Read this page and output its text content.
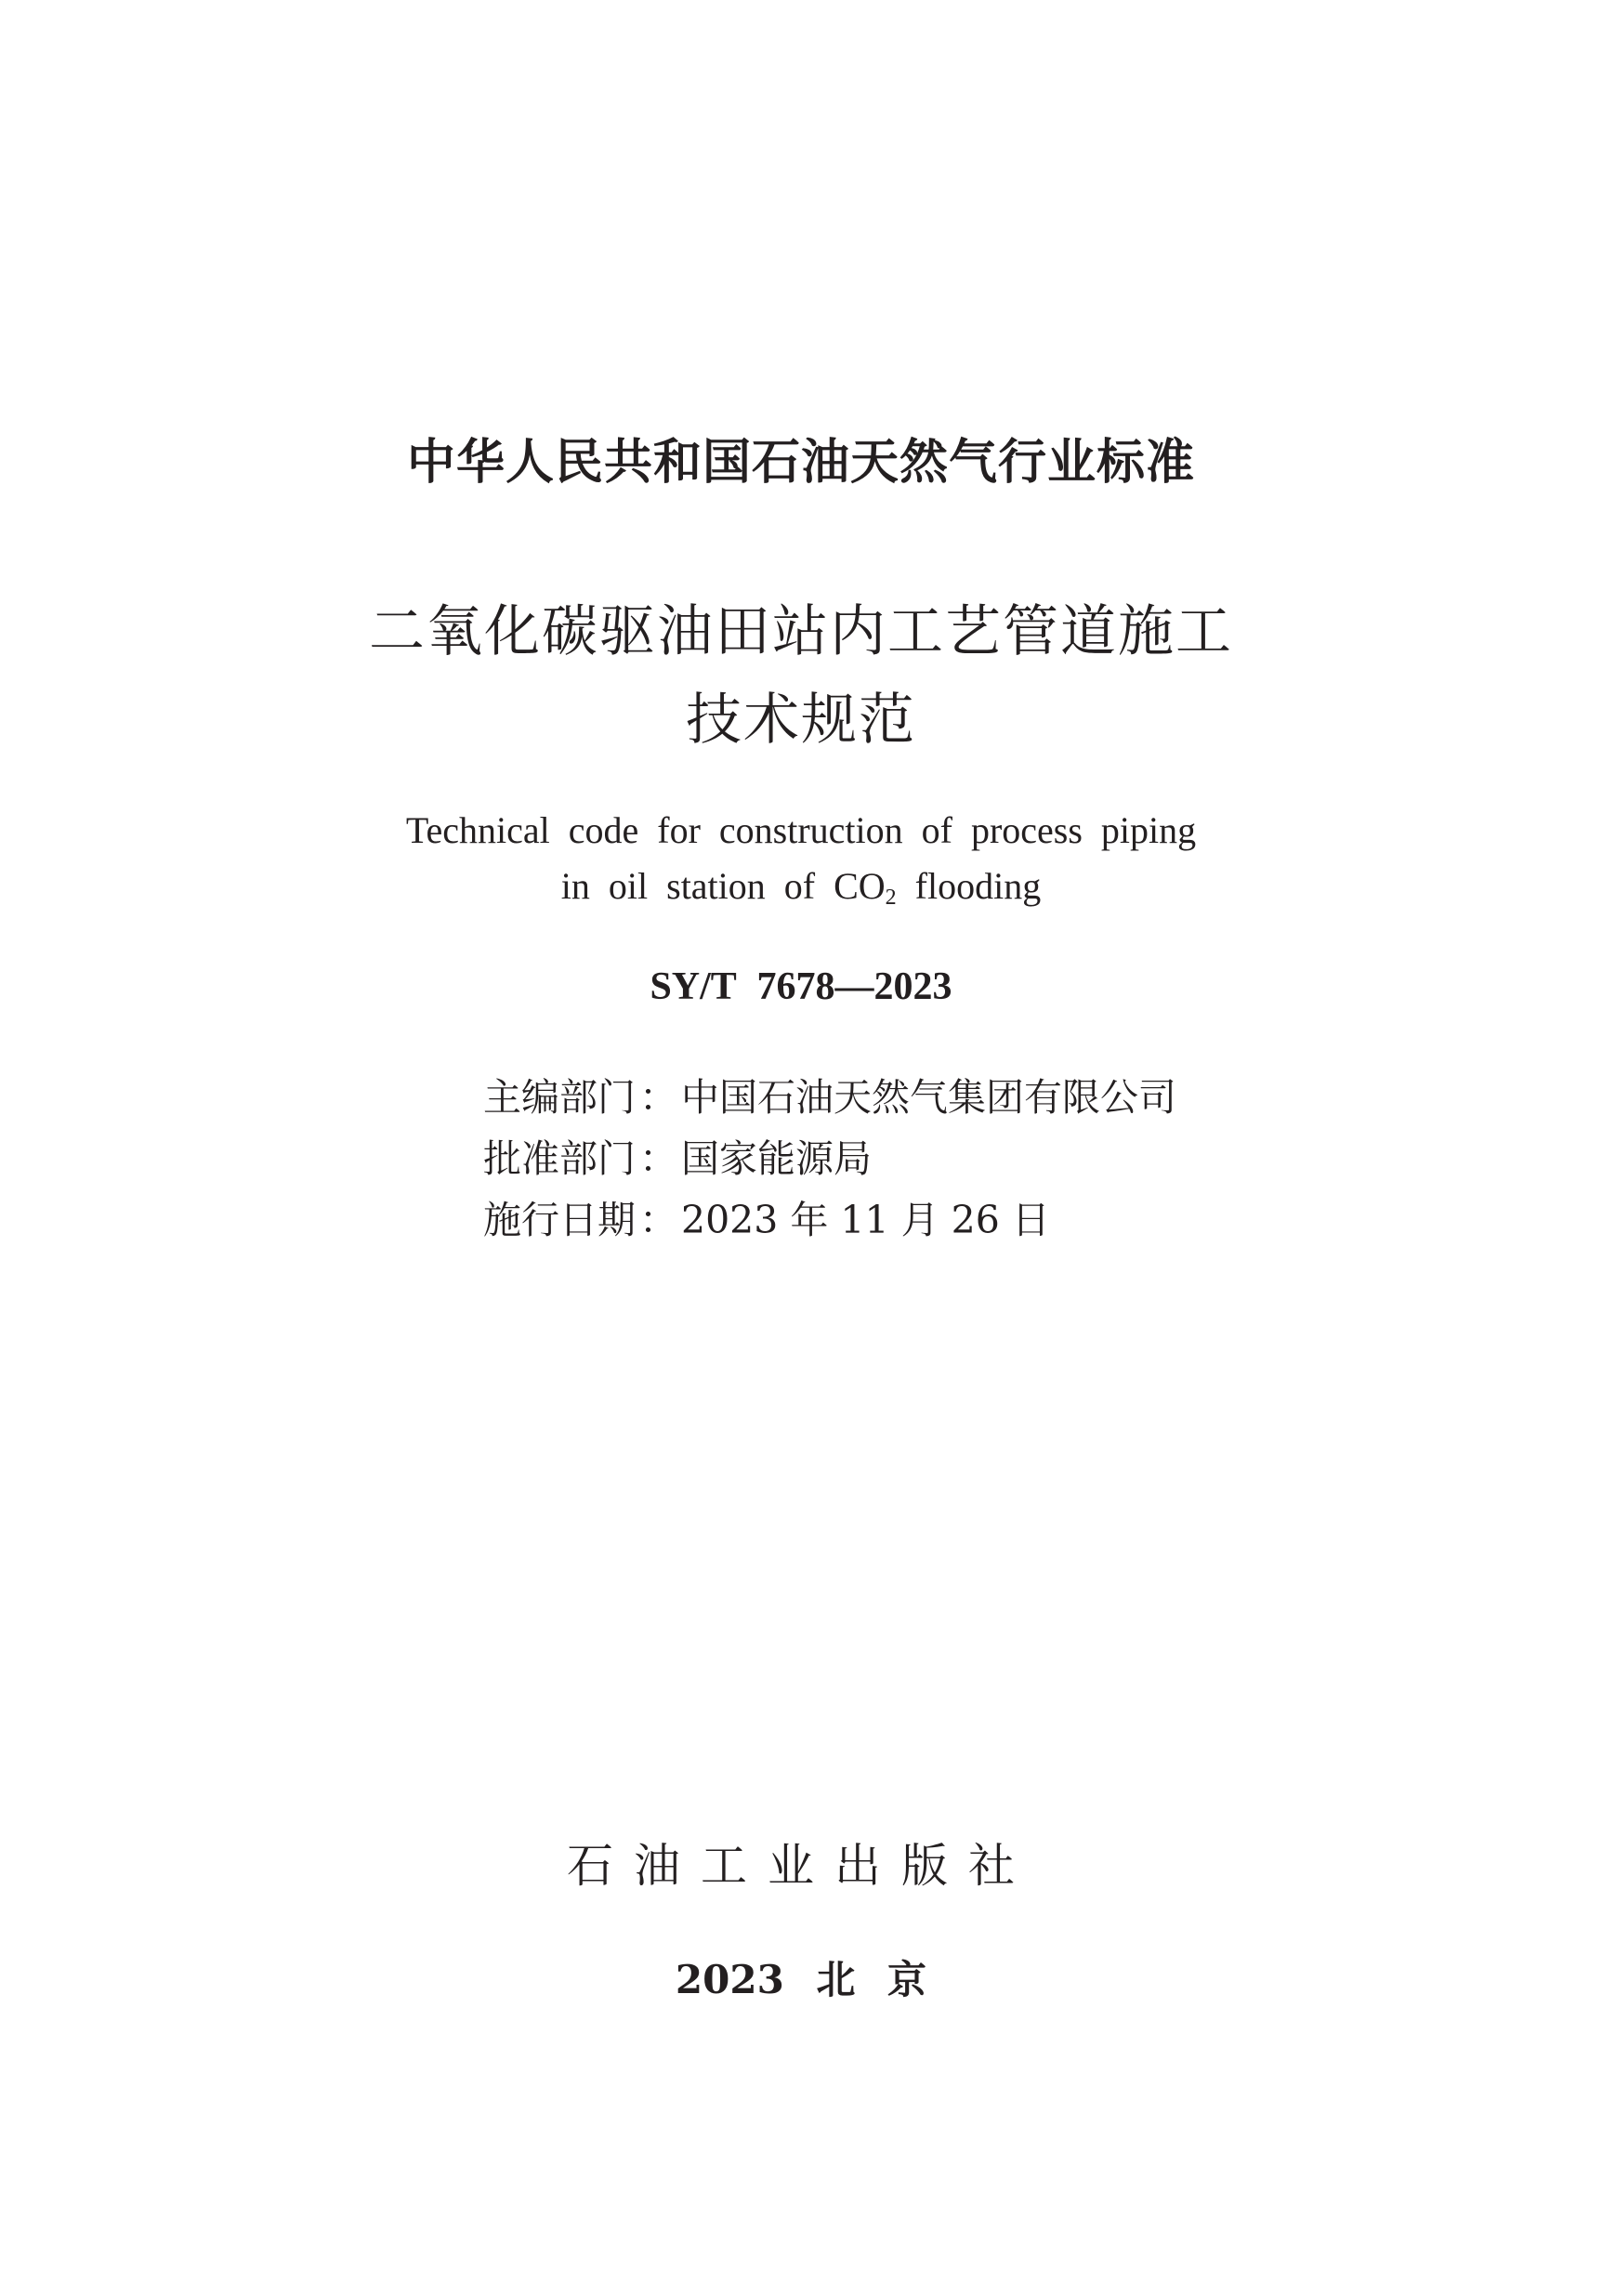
中华人民共和国石油天然气行业标准
二氧化碳驱油田站内工艺管道施工
技术规范
Technical code for construction of process piping
in oil station of $CO_2$ flooding
SY/T 7678—2023
主编部门：中国石油天然气集团有限公司
批准部门：国家能源局
施行日期：2023 年 11 月 26 日
石油工业出版社
2023 北 京
